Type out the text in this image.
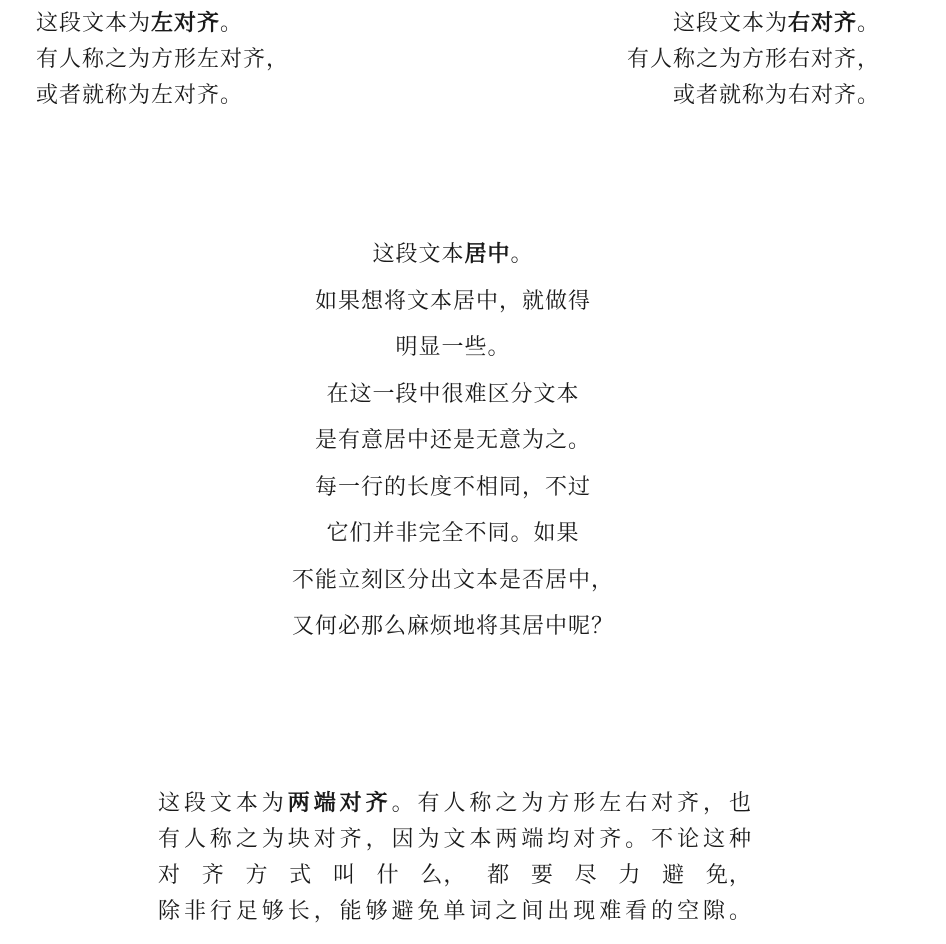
这段文本为左对齐。
有人称之为方形左对齐，
或者就称为左对齐。
这段文本为右对齐。
有人称之为方形右对齐，
或者就称为右对齐。
这段文本居中。
如果想将文本居中，就做得
明显一些。
在这一段中很难区分文本
是有意居中还是无意为之。
每一行的长度不相同，不过
它们并非完全不同。如果
不能立刻区分出文本是否居中，
又何必那么麻烦地将其居中呢？
这段文本为两端对齐。有人称之为方形左右对齐，也
有人称之为块对齐，因为文本两端均对齐。不论这种
对 齐 方 式 叫 什 么， 都 要 尽 力 避 免，
除非行足够长，能够避免单词之间出现难看的空隙。
